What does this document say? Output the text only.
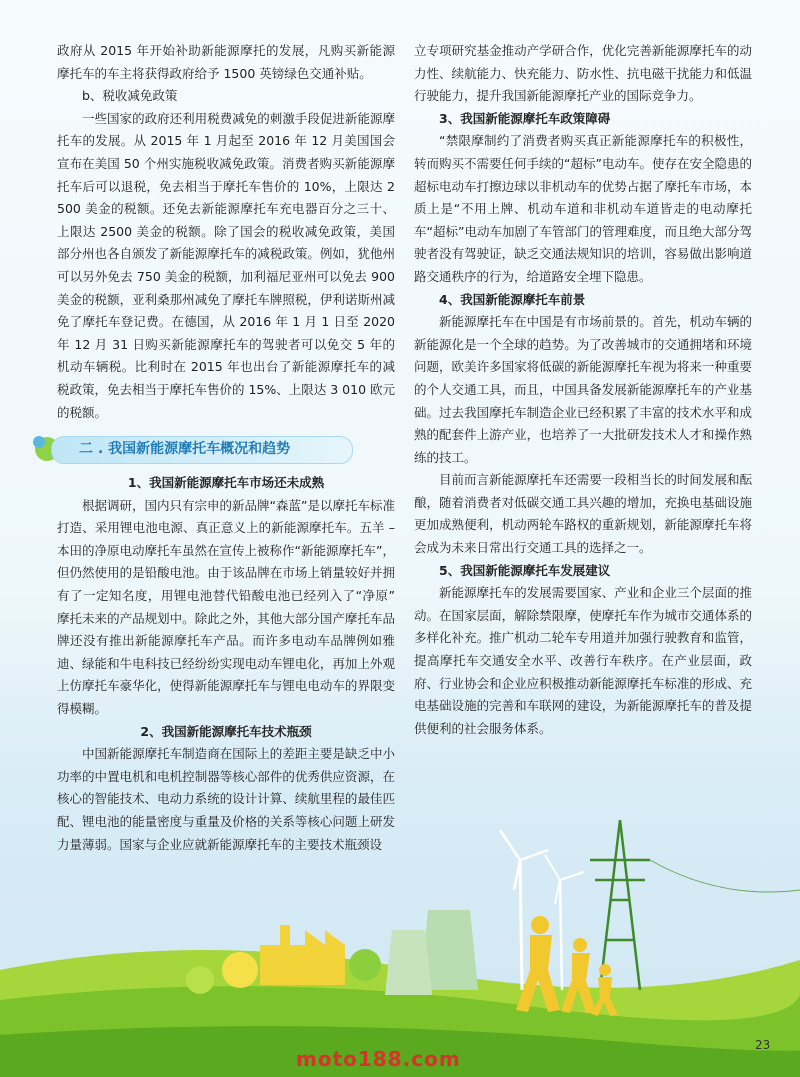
政府从 2015 年开始补助新能源摩托的发展，凡购买新能源摩托车的车主将获得政府给予 1500 英镑绿色交通补贴。

b、税收减免政策

一些国家的政府还利用税费减免的刺激手段促进新能源摩托车的发展。从 2015 年 1 月起至 2016 年 12 月美国国会宣布在美国 50 个州实施税收减免政策。消费者购买新能源摩托车后可以退税，免去相当于摩托车售价的 10%，上限达 2 500 美金的税额。还免去新能源摩托车充电器百分之三十、上限达 2500 美金的税额。除了国会的税收减免政策，美国部分州也各自颁发了新能源摩托车的减税政策。例如，犹他州可以另外免去 750 美金的税额，加利福尼亚州可以免去 900 美金的税额，亚利桑那州减免了摩托车牌照税，伊利诺斯州减免了摩托车登记费。在德国，从 2016 年 1 月 1 日至 2020 年 12 月 31 日购买新能源摩托车的驾驶者可以免交 5 年的机动车辆税。比利时在 2015 年也出台了新能源摩托车的减税政策，免去相当于摩托车售价的 15%、上限达 3 010 欧元的税额。

二 . 我国新能源摩托车概况和趋势

1、我国新能源摩托车市场还未成熟

根据调研，国内只有宗申的新品牌“森蓝”是以摩托车标准打造、采用锂电池电源、真正意义上的新能源摩托车。五羊 – 本田的净原电动摩托车虽然在宣传上被称作“新能源摩托车”，但仍然使用的是铅酸电池。由于该品牌在市场上销量较好并拥有了一定知名度，用锂电池替代铅酸电池已经列入了“净原” 摩托未来的产品规划中。除此之外，其他大部分国产摩托车品牌还没有推出新能源摩托车产品。而许多电动车品牌例如雅迪、绿能和牛电科技已经纷纷实现电动车锂电化，再加上外观上仿摩托车豪华化，使得新能源摩托车与锂电电动车的界限变得模糊。

2、我国新能源摩托车技术瓶颈

中国新能源摩托车制造商在国际上的差距主要是缺乏中小功率的中置电机和电机控制器等核心部件的优秀供应资源，在核心的智能技术、电动力系统的设计计算、续航里程的最佳匹配、锂电池的能量密度与重量及价格的关系等核心问题上研发力量薄弱。国家与企业应就新能源摩托车的主要技术瓶颈设

立专项研究基金推动产学研合作，优化完善新能源摩托车的动力性、续航能力、快充能力、防水性、抗电磁干扰能力和低温行驶能力，提升我国新能源摩托产业的国际竞争力。

3、我国新能源摩托车政策障碍

“禁限摩制约了消费者购买真正新能源摩托车的积极性，转而购买不需要任何手续的“超标”电动车。使存在安全隐患的超标电动车打擦边球以非机动车的优势占据了摩托车市场，本质上是“不用上牌、机动车道和非机动车道皆走的电动摩托车“超标”电动车加剧了车管部门的管理难度，而且绝大部分驾驶者没有驾驶证，缺乏交通法规知识的培训，容易做出影响道路交通秩序的行为，给道路安全埋下隐患。

4、我国新能源摩托车前景

新能源摩托车在中国是有市场前景的。首先，机动车辆的新能源化是一个全球的趋势。为了改善城市的交通拥堵和环境问题，欧美许多国家将低碳的新能源摩托车视为将来一种重要的个人交通工具，而且，中国具备发展新能源摩托车的产业基础。过去我国摩托车制造企业已经积累了丰富的技术水平和成熟的配套件上游产业，也培养了一大批研发技术人才和操作熟练的技工。

目前而言新能源摩托车还需要一段相当长的时间发展和酝酿，随着消费者对低碳交通工具兴趣的增加，充换电基础设施更加成熟便利，机动两轮车路权的重新规划，新能源摩托车将会成为未来日常出行交通工具的选择之一。

5、我国新能源摩托车发展建议

新能源摩托车的发展需要国家、产业和企业三个层面的推动。在国家层面，解除禁限摩，使摩托车作为城市交通体系的多样化补充。推广机动二轮车专用道并加强行驶教育和监管，提高摩托车交通安全水平、改善行车秩序。在产业层面，政府、行业协会和企业应积极推动新能源摩托车标准的形成、充电基础设施的完善和车联网的建设，为新能源摩托车的普及提供便利的社会服务体系。

23
moto188.com
